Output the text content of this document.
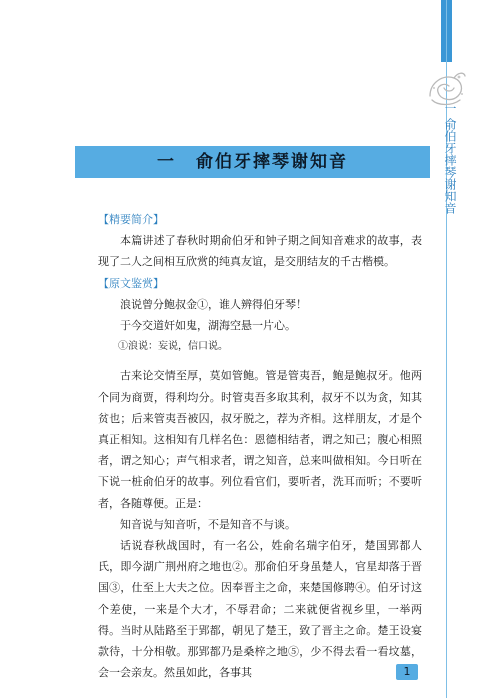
一 俞伯牙摔琴谢知音
一 俞伯牙摔琴谢知音

【精要简介】

本篇讲述了春秋时期俞伯牙和钟子期之间知音难求的故事，表现了二人之间相互欣赏的纯真友谊，是交朋结友的千古楷模。

【原文鉴赏】

浪说曾分鲍叔金①，谁人辨得伯牙琴！

于今交道奸如鬼，湖海空悬一片心。

①浪说：妄说，信口说。

古来论交情至厚，莫如管鲍。管是管夷吾，鲍是鲍叔牙。他两个同为商贾，得利均分。时管夷吾多取其利，叔牙不以为贪，知其贫也；后来管夷吾被囚，叔牙脱之，荐为齐相。这样朋友，才是个真正相知。这相知有几样名色：恩德相结者，谓之知己；腹心相照者，谓之知心；声气相求者，谓之知音，总来叫做相知。今日听在下说一桩俞伯牙的故事。列位看官们，要听者，洗耳而听；不要听者，各随尊便。正是：

知音说与知音听，不是知音不与谈。

话说春秋战国时，有一名公，姓俞名瑞字伯牙，楚国郢都人氏，即今湖广荆州府之地也②。那俞伯牙身虽楚人，官星却落于晋国③，仕至上大夫之位。因奉晋主之命，来楚国修聘④。伯牙讨这个差使，一来是个大才，不辱君命；二来就便省视乡里，一举两得。当时从陆路至于郢都，朝见了楚王，致了晋主之命。楚王设宴款待，十分相敬。那郢都乃是桑梓之地⑤，少不得去看一看坟墓，会一会亲友。然虽如此，各事其	1
